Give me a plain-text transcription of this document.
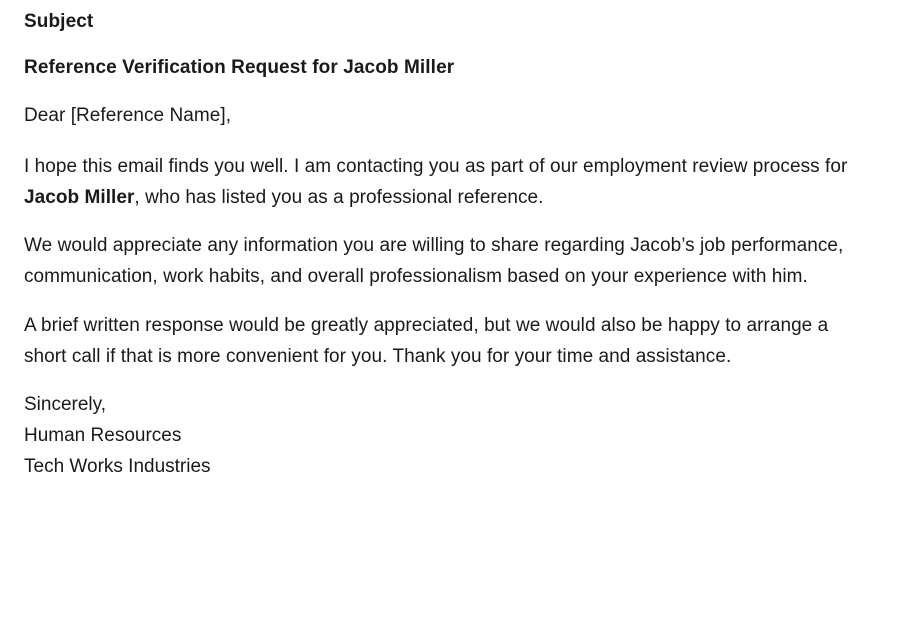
Subject
Reference Verification Request for Jacob Miller

Dear [Reference Name],

I hope this email finds you well. I am contacting you as part of our employment review process for Jacob Miller, who has listed you as a professional reference.

We would appreciate any information you are willing to share regarding Jacob’s job performance, communication, work habits, and overall professionalism based on your experience with him.

A brief written response would be greatly appreciated, but we would also be happy to arrange a short call if that is more convenient for you. Thank you for your time and assistance.

Sincerely,
Human Resources
Tech Works Industries
